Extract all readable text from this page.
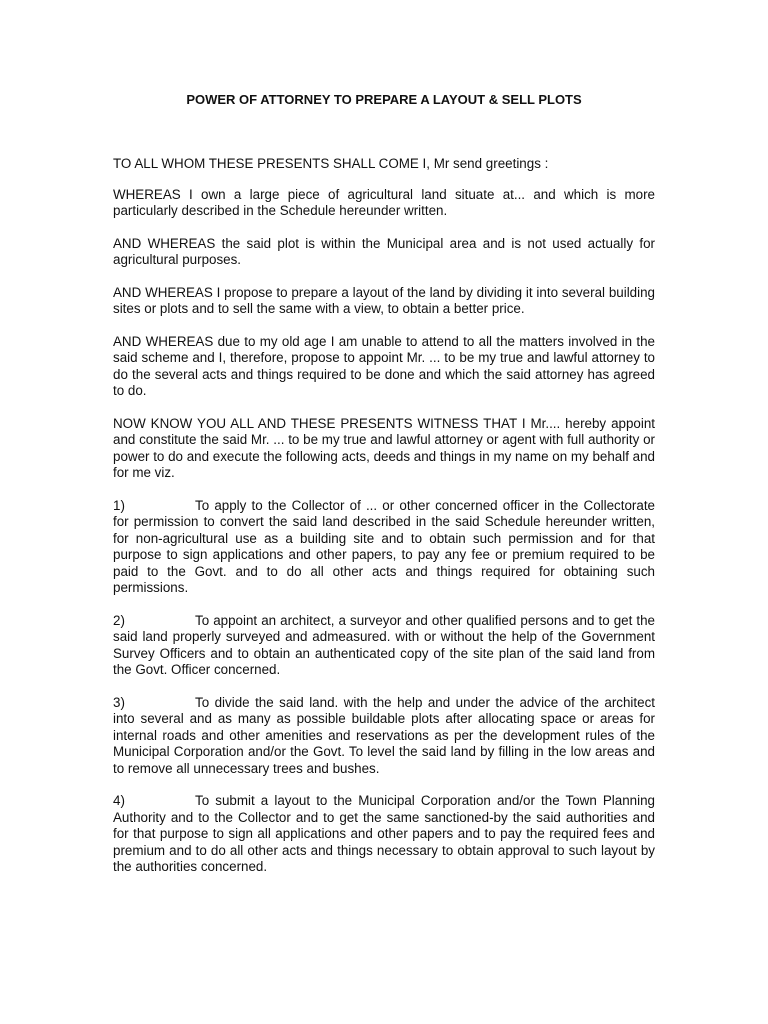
POWER OF ATTORNEY TO PREPARE A LAYOUT & SELL PLOTS

TO ALL WHOM THESE PRESENTS SHALL COME I, Mr send greetings :

WHEREAS I own a large piece of agricultural land situate at... and which is more particularly described in the Schedule hereunder written.

AND WHEREAS the said plot is within the Municipal area and is not used actually for agricultural purposes.

AND WHEREAS I propose to prepare a layout of the land by dividing it into several building sites or plots and to sell the same with a view, to obtain a better price.

AND WHEREAS due to my old age I am unable to attend to all the matters involved in the said scheme and I, therefore, propose to appoint Mr. ... to be my true and lawful attorney to do the several acts and things required to be done and which the said attorney has agreed to do.

NOW KNOW YOU ALL AND THESE PRESENTS WITNESS THAT I Mr.... hereby appoint and constitute the said Mr. ... to be my true and lawful attorney or agent with full authority or power to do and execute the following acts, deeds and things in my name on my behalf and for me viz.

1)	To apply to the Collector of ... or other concerned officer in the Collectorate for permission to convert the said land described in the said Schedule hereunder written, for non-agricultural use as a building site and to obtain such permission and for that purpose to sign applications and other papers, to pay any fee or premium required to be paid to the Govt. and to do all other acts and things required for obtaining such permissions.

2)	To appoint an architect, a surveyor and other qualified persons and to get the said land properly surveyed and admeasured. with or without the help of the Government Survey Officers and to obtain an authenticated copy of the site plan of the said land from the Govt. Officer concerned.

3)	To divide the said land. with the help and under the advice of the architect into several and as many as possible buildable plots after allocating space or areas for internal roads and other amenities and reservations as per the development rules of the Municipal Corporation and/or the Govt. To level the said land by filling in the low areas and to remove all unnecessary trees and bushes.

4)	To submit a layout to the Municipal Corporation and/or the Town Planning Authority and to the Collector and to get the same sanctioned-by the said authorities and for that purpose to sign all applications and other papers and to pay the required fees and premium and to do all other acts and things necessary to obtain approval to such layout by the authorities concerned.
